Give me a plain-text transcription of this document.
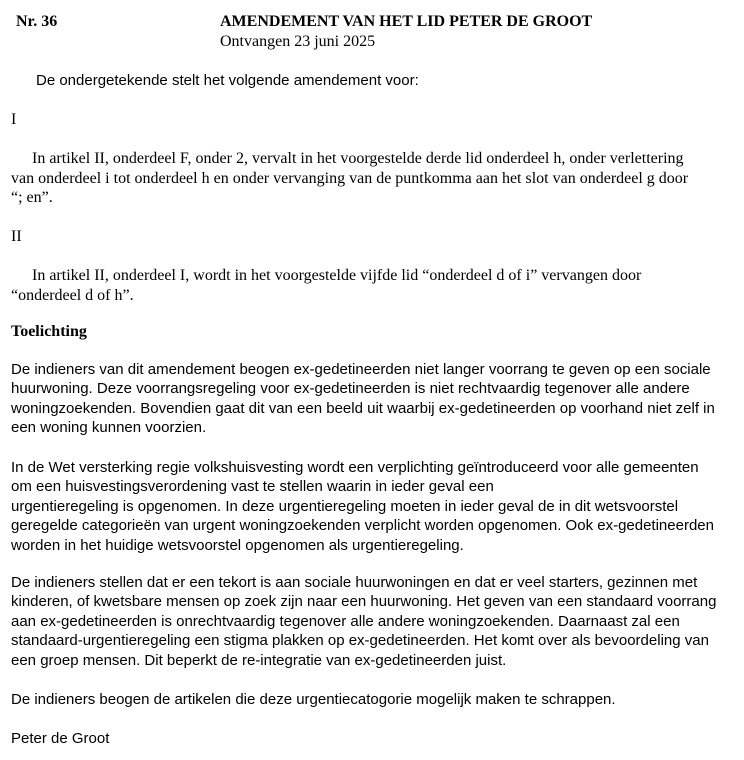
Nr. 36	AMENDEMENT VAN HET LID PETER DE GROOT
Ontvangen 23 juni 2025
De ondergetekende stelt het volgende amendement voor:
I
In artikel II, onderdeel F, onder 2, vervalt in het voorgestelde derde lid onderdeel h, onder verlettering
van onderdeel i tot onderdeel h en onder vervanging van de puntkomma aan het slot van onderdeel g door
“; en”.
II
In artikel II, onderdeel I, wordt in het voorgestelde vijfde lid “onderdeel d of i” vervangen door
“onderdeel d of h”.
Toelichting
De indieners van dit amendement beogen ex-gedetineerden niet langer voorrang te geven op een sociale
huurwoning. Deze voorrangsregeling voor ex-gedetineerden is niet rechtvaardig tegenover alle andere
woningzoekenden. Bovendien gaat dit van een beeld uit waarbij ex-gedetineerden op voorhand niet zelf in
een woning kunnen voorzien.
In de Wet versterking regie volkshuisvesting wordt een verplichting geïntroduceerd voor alle gemeenten
om een huisvestingsverordening vast te stellen waarin in ieder geval een
urgentieregeling is opgenomen. In deze urgentieregeling moeten in ieder geval de in dit wetsvoorstel
geregelde categorieën van urgent woningzoekenden verplicht worden opgenomen. Ook ex-gedetineerden
worden in het huidige wetsvoorstel opgenomen als urgentieregeling.
De indieners stellen dat er een tekort is aan sociale huurwoningen en dat er veel starters, gezinnen met
kinderen, of kwetsbare mensen op zoek zijn naar een huurwoning. Het geven van een standaard voorrang
aan ex-gedetineerden is onrechtvaardig tegenover alle andere woningzoekenden. Daarnaast zal een
standaard-urgentieregeling een stigma plakken op ex-gedetineerden. Het komt over als bevoordeling van
een groep mensen. Dit beperkt de re-integratie van ex-gedetineerden juist.
De indieners beogen de artikelen die deze urgentiecatogorie mogelijk maken te schrappen.
Peter de Groot
